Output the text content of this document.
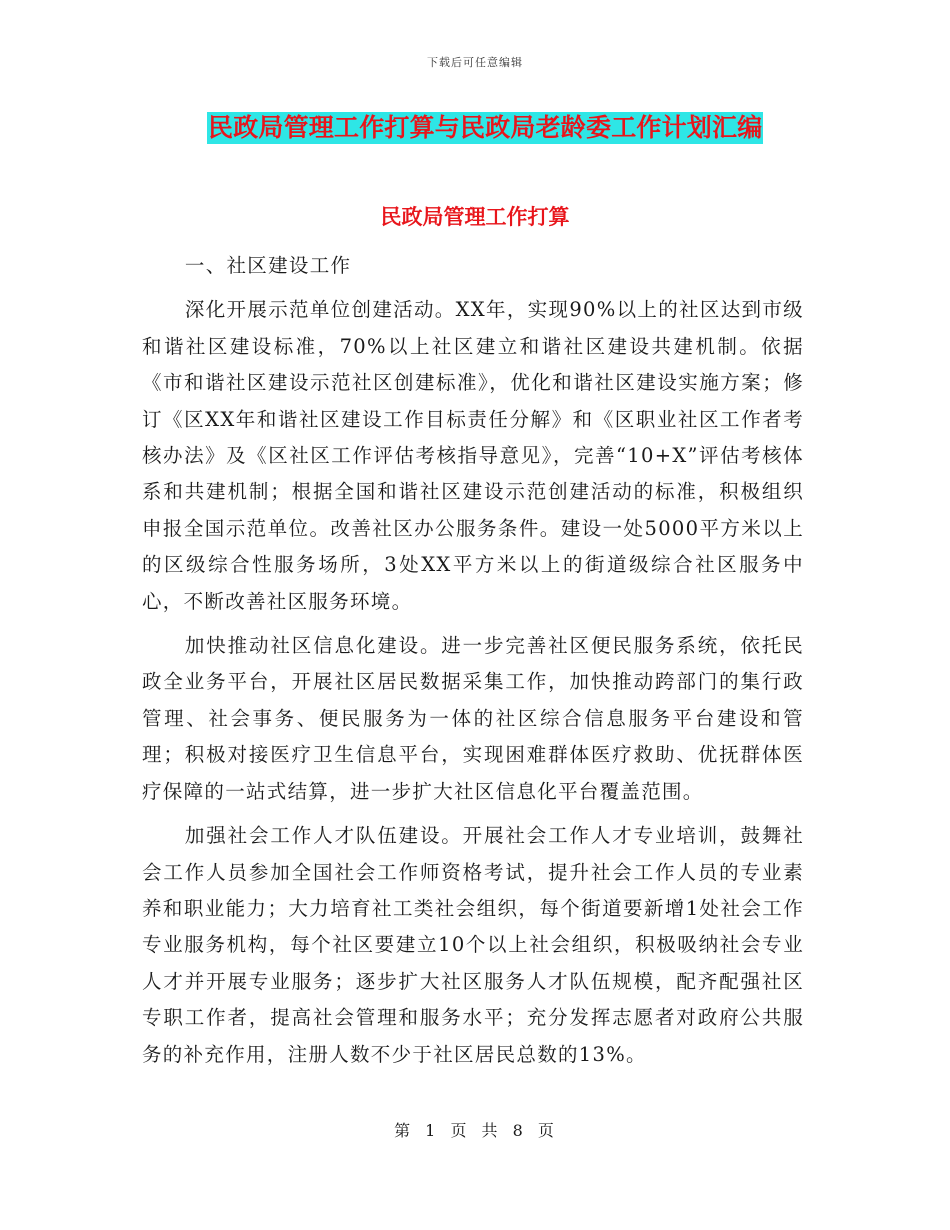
下载后可任意编辑
民政局管理工作打算与民政局老龄委工作计划汇编
民政局管理工作打算

一、社区建设工作

深化开展示范单位创建活动。XX年，实现90%以上的社区达到市级和谐社区建设标准，70%以上社区建立和谐社区建设共建机制。依据《市和谐社区建设示范社区创建标准》，优化和谐社区建设实施方案；修订《区XX年和谐社区建设工作目标责任分解》和《区职业社区工作者考核办法》及《区社区工作评估考核指导意见》，完善“10+X”评估考核体系和共建机制；根据全国和谐社区建设示范创建活动的标准，积极组织申报全国示范单位。改善社区办公服务条件。建设一处5000平方米以上的区级综合性服务场所，3处XX平方米以上的街道级综合社区服务中心，不断改善社区服务环境。

加快推动社区信息化建设。进一步完善社区便民服务系统，依托民政全业务平台，开展社区居民数据采集工作，加快推动跨部门的集行政管理、社会事务、便民服务为一体的社区综合信息服务平台建设和管理；积极对接医疗卫生信息平台，实现困难群体医疗救助、优抚群体医疗保障的一站式结算，进一步扩大社区信息化平台覆盖范围。

加强社会工作人才队伍建设。开展社会工作人才专业培训，鼓舞社会工作人员参加全国社会工作师资格考试，提升社会工作人员的专业素养和职业能力；大力培育社工类社会组织，每个街道要新增1处社会工作专业服务机构，每个社区要建立10个以上社会组织，积极吸纳社会专业人才并开展专业服务；逐步扩大社区服务人才队伍规模，配齐配强社区专职工作者，提高社会管理和服务水平；充分发挥志愿者对政府公共服务的补充作用，注册人数不少于社区居民总数的13%。

第 1 页 共 8 页
